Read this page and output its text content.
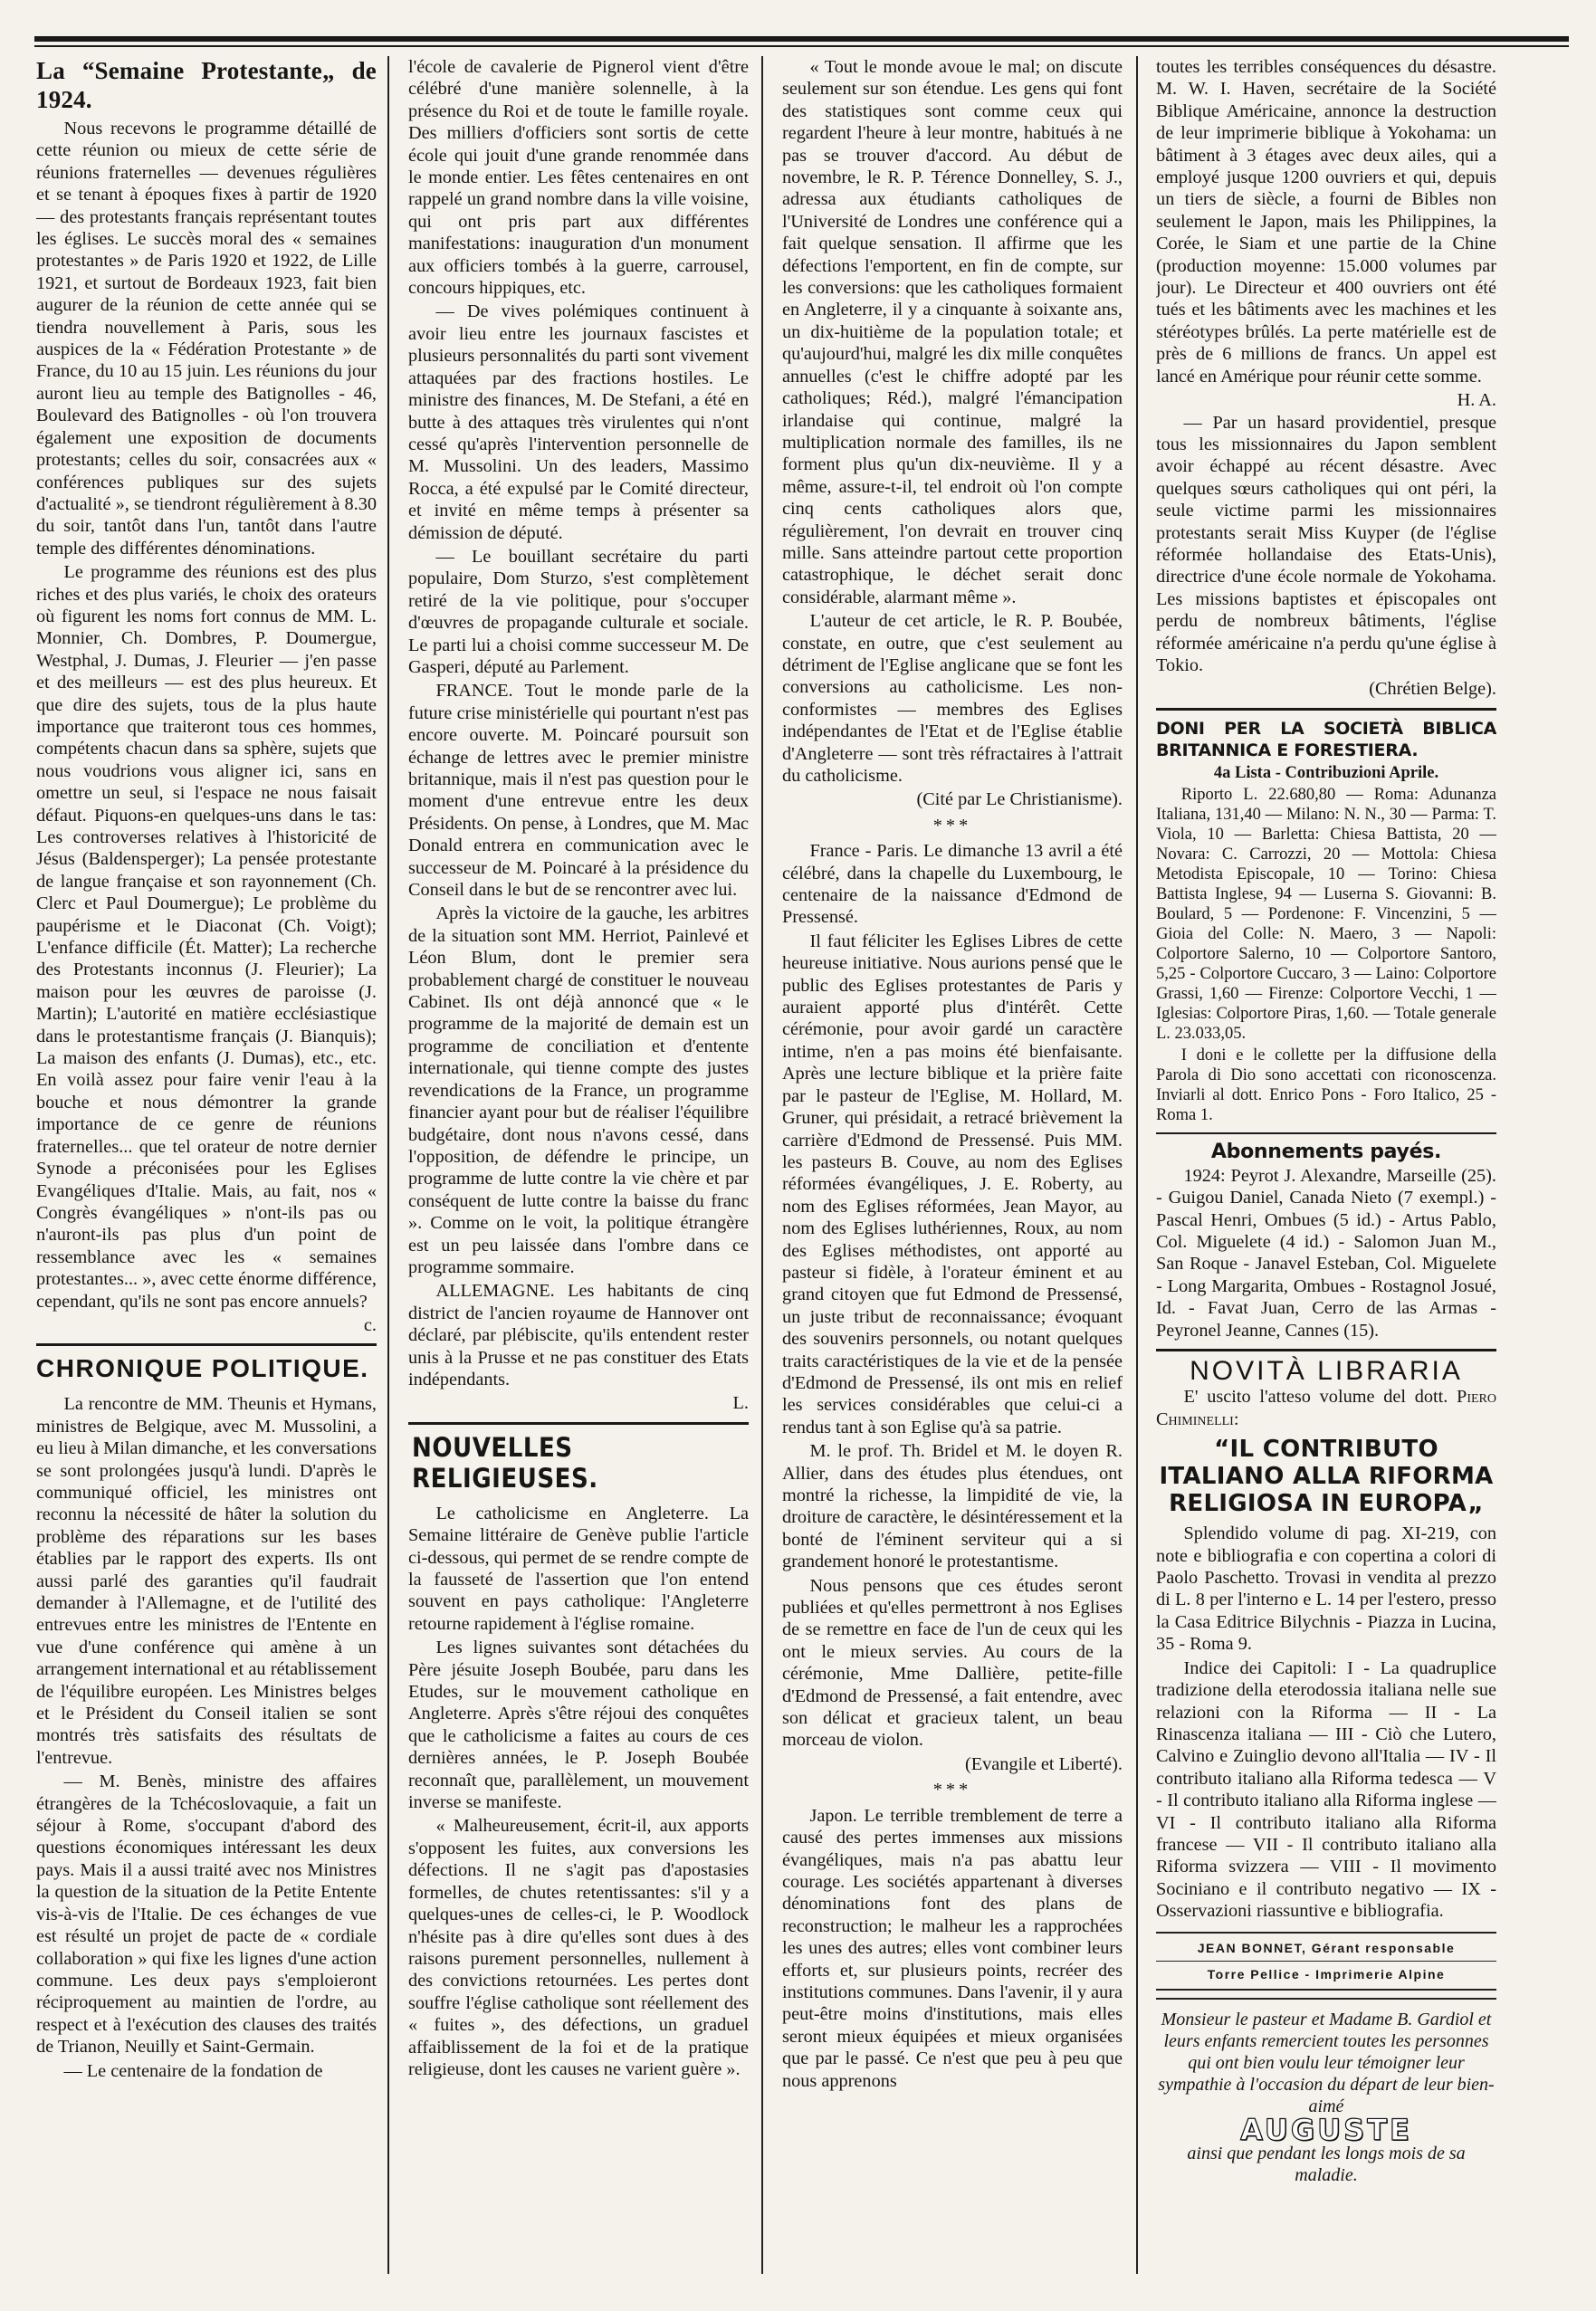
La “Semaine Protestante„ de 1924.

Nous recevons le programme détaillé de cette réunion ou mieux de cette série de réunions fraternelles — devenues régulières et se tenant à époques fixes à partir de 1920 — des protestants français représentant toutes les églises. Le succès moral des « semaines protestantes » de Paris 1920 et 1922, de Lille 1921, et surtout de Bordeaux 1923, fait bien augurer de la réunion de cette année qui se tiendra nouvellement à Paris, sous les auspices de la « Fédération Protestante » de France, du 10 au 15 juin. Les réunions du jour auront lieu au temple des Batignolles - 46, Boulevard des Batignolles - où l'on trouvera également une exposition de documents protestants; celles du soir, consacrées aux « conférences publiques sur des sujets d'actualité », se tiendront régulièrement à 8.30 du soir, tantôt dans l'un, tantôt dans l'autre temple des différentes dénominations.

Le programme des réunions est des plus riches et des plus variés, le choix des orateurs où figurent les noms fort connus de MM. L. Monnier, Ch. Dombres, P. Doumergue, Westphal, J. Dumas, J. Fleurier — j'en passe et des meilleurs — est des plus heureux. Et que dire des sujets, tous de la plus haute importance que traiteront tous ces hommes, compétents chacun dans sa sphère, sujets que nous voudrions vous aligner ici, sans en omettre un seul, si l'espace ne nous faisait défaut. Piquons-en quelques-uns dans le tas: Les controverses relatives à l'historicité de Jésus (Baldensperger); La pensée protestante de langue française et son rayonnement (Ch. Clerc et Paul Doumergue); Le problème du paupérisme et le Diaconat (Ch. Voigt); L'enfance difficile (Ét. Matter); La recherche des Protestants inconnus (J. Fleurier); La maison pour les œuvres de paroisse (J. Martin); L'autorité en matière ecclésiastique dans le protestantisme français (J. Bianquis); La maison des enfants (J. Dumas), etc., etc. En voilà assez pour faire venir l'eau à la bouche et nous démontrer la grande importance de ce genre de réunions fraternelles... que tel orateur de notre dernier Synode a préconisées pour les Eglises Evangéliques d'Italie. Mais, au fait, nos « Congrès évangéliques » n'ont-ils pas ou n'auront-ils pas plus d'un point de ressemblance avec les « semaines protestantes... », avec cette énorme différence, cependant, qu'ils ne sont pas encore annuels?

c.
CHRONIQUE POLITIQUE.

La rencontre de MM. Theunis et Hymans, ministres de Belgique, avec M. Mussolini, a eu lieu à Milan dimanche, et les conversations se sont prolongées jusqu'à lundi. D'après le communiqué officiel, les ministres ont reconnu la nécessité de hâter la solution du problème des réparations sur les bases établies par le rapport des experts. Ils ont aussi parlé des garanties qu'il faudrait demander à l'Allemagne, et de l'utilité des entrevues entre les ministres de l'Entente en vue d'une conférence qui amène à un arrangement international et au rétablissement de l'équilibre européen. Les Ministres belges et le Président du Conseil italien se sont montrés très satisfaits des résultats de l'entrevue.

— M. Benès, ministre des affaires étrangères de la Tchécoslovaquie, a fait un séjour à Rome, s'occupant d'abord des questions économiques intéressant les deux pays. Mais il a aussi traité avec nos Ministres la question de la situation de la Petite Entente vis-à-vis de l'Italie. De ces échanges de vue est résulté un projet de pacte de « cordiale collaboration » qui fixe les lignes d'une action commune. Les deux pays s'emploieront réciproquement au maintien de l'ordre, au respect et à l'exécution des clauses des traités de Trianon, Neuilly et Saint-Germain.

— Le centenaire de la fondation de

l'école de cavalerie de Pignerol vient d'être célébré d'une manière solennelle, à la présence du Roi et de toute le famille royale. Des milliers d'officiers sont sortis de cette école qui jouit d'une grande renommée dans le monde entier. Les fêtes centenaires en ont rappelé un grand nombre dans la ville voisine, qui ont pris part aux différentes manifestations: inauguration d'un monument aux officiers tombés à la guerre, carrousel, concours hippiques, etc.

— De vives polémiques continuent à avoir lieu entre les journaux fascistes et plusieurs personnalités du parti sont vivement attaquées par des fractions hostiles. Le ministre des finances, M. De Stefani, a été en butte à des attaques très virulentes qui n'ont cessé qu'après l'intervention personnelle de M. Mussolini. Un des leaders, Massimo Rocca, a été expulsé par le Comité directeur, et invité en même temps à présenter sa démission de député.

— Le bouillant secrétaire du parti populaire, Dom Sturzo, s'est complètement retiré de la vie politique, pour s'occuper d'œuvres de propagande culturale et sociale. Le parti lui a choisi comme successeur M. De Gasperi, député au Parlement.

FRANCE. Tout le monde parle de la future crise ministérielle qui pourtant n'est pas encore ouverte. M. Poincaré poursuit son échange de lettres avec le premier ministre britannique, mais il n'est pas question pour le moment d'une entrevue entre les deux Présidents. On pense, à Londres, que M. Mac Donald entrera en communication avec le successeur de M. Poincaré à la présidence du Conseil dans le but de se rencontrer avec lui.

Après la victoire de la gauche, les arbitres de la situation sont MM. Herriot, Painlevé et Léon Blum, dont le premier sera probablement chargé de constituer le nouveau Cabinet. Ils ont déjà annoncé que « le programme de la majorité de demain est un programme de conciliation et d'entente internationale, qui tienne compte des justes revendications de la France, un programme financier ayant pour but de réaliser l'équilibre budgétaire, dont nous n'avons cessé, dans l'opposition, de défendre le principe, un programme de lutte contre la vie chère et par conséquent de lutte contre la baisse du franc ». Comme on le voit, la politique étrangère est un peu laissée dans l'ombre dans ce programme sommaire.

ALLEMAGNE. Les habitants de cinq district de l'ancien royaume de Hannover ont déclaré, par plébiscite, qu'ils entendent rester unis à la Prusse et ne pas constituer des Etats indépendants.

L.
NOUVELLES RELIGIEUSES.

Le catholicisme en Angleterre. La Semaine littéraire de Genève publie l'article ci-dessous, qui permet de se rendre compte de la fausseté de l'assertion que l'on entend souvent en pays catholique: l'Angleterre retourne rapidement à l'église romaine.

Les lignes suivantes sont détachées du Père jésuite Joseph Boubée, paru dans les Etudes, sur le mouvement catholique en Angleterre. Après s'être réjoui des conquêtes que le catholicisme a faites au cours de ces dernières années, le P. Joseph Boubée reconnaît que, parallèlement, un mouvement inverse se manifeste.

« Malheureusement, écrit-il, aux apports s'opposent les fuites, aux conversions les défections. Il ne s'agit pas d'apostasies formelles, de chutes retentissantes: s'il y a quelques-unes de celles-ci, le P. Woodlock n'hésite pas à dire qu'elles sont dues à des raisons purement personnelles, nullement à des convictions retournées. Les pertes dont souffre l'église catholique sont réellement des « fuites », des défections, un graduel affaiblissement de la foi et de la pratique religieuse, dont les causes ne varient guère ».

« Tout le monde avoue le mal; on discute seulement sur son étendue. Les gens qui font des statistiques sont comme ceux qui regardent l'heure à leur montre, habitués à ne pas se trouver d'accord. Au début de novembre, le R. P. Térence Donnelley, S. J., adressa aux étudiants catholiques de l'Université de Londres une conférence qui a fait quelque sensation. Il affirme que les défections l'emportent, en fin de compte, sur les conversions: que les catholiques formaient en Angleterre, il y a cinquante à soixante ans, un dix-huitième de la population totale; et qu'aujourd'hui, malgré les dix mille conquêtes annuelles (c'est le chiffre adopté par les catholiques; Réd.), malgré l'émancipation irlandaise qui continue, malgré la multiplication normale des familles, ils ne forment plus qu'un dix-neuvième. Il y a même, assure-t-il, tel endroit où l'on compte cinq cents catholiques alors que, régulièrement, l'on devrait en trouver cinq mille. Sans atteindre partout cette proportion catastrophique, le déchet serait donc considérable, alarmant même ».

L'auteur de cet article, le R. P. Boubée, constate, en outre, que c'est seulement au détriment de l'Eglise anglicane que se font les conversions au catholicisme. Les non-conformistes — membres des Eglises indépendantes de l'Etat et de l'Eglise établie d'Angleterre — sont très réfractaires à l'attrait du catholicisme.

(Cité par Le Christianisme).
***

France - Paris. Le dimanche 13 avril a été célébré, dans la chapelle du Luxembourg, le centenaire de la naissance d'Edmond de Pressensé.

Il faut féliciter les Eglises Libres de cette heureuse initiative. Nous aurions pensé que le public des Eglises protestantes de Paris y auraient apporté plus d'intérêt. Cette cérémonie, pour avoir gardé un caractère intime, n'en a pas moins été bienfaisante. Après une lecture biblique et la prière faite par le pasteur de l'Eglise, M. Hollard, M. Gruner, qui présidait, a retracé brièvement la carrière d'Edmond de Pressensé. Puis MM. les pasteurs B. Couve, au nom des Eglises réformées évangéliques, J. E. Roberty, au nom des Eglises réformées, Jean Mayor, au nom des Eglises luthériennes, Roux, au nom des Eglises méthodistes, ont apporté au pasteur si fidèle, à l'orateur éminent et au grand citoyen que fut Edmond de Pressensé, un juste tribut de reconnaissance; évoquant des souvenirs personnels, ou notant quelques traits caractéristiques de la vie et de la pensée d'Edmond de Pressensé, ils ont mis en relief les services considérables que celui-ci a rendus tant à son Eglise qu'à sa patrie.

M. le prof. Th. Bridel et M. le doyen R. Allier, dans des études plus étendues, ont montré la richesse, la limpidité de vie, la droiture de caractère, le désintéressement et la bonté de l'éminent serviteur qui a si grandement honoré le protestantisme.

Nous pensons que ces études seront publiées et qu'elles permettront à nos Eglises de se remettre en face de l'un de ceux qui les ont le mieux servies. Au cours de la cérémonie, Mme Dallière, petite-fille d'Edmond de Pressensé, a fait entendre, avec son délicat et gracieux talent, un beau morceau de violon.

(Evangile et Liberté).
***

Japon. Le terrible tremblement de terre a causé des pertes immenses aux missions évangéliques, mais n'a pas abattu leur courage. Les sociétés appartenant à diverses dénominations font des plans de reconstruction; le malheur les a rapprochées les unes des autres; elles vont combiner leurs efforts et, sur plusieurs points, recréer des institutions communes. Dans l'avenir, il y aura peut-être moins d'institutions, mais elles seront mieux équipées et mieux organisées que par le passé. Ce n'est que peu à peu que nous apprenons

toutes les terribles conséquences du désastre. M. W. I. Haven, secrétaire de la Société Biblique Américaine, annonce la destruction de leur imprimerie biblique à Yokohama: un bâtiment à 3 étages avec deux ailes, qui a employé jusque 1200 ouvriers et qui, depuis un tiers de siècle, a fourni de Bibles non seulement le Japon, mais les Philippines, la Corée, le Siam et une partie de la Chine (production moyenne: 15.000 volumes par jour). Le Directeur et 400 ouvriers ont été tués et les bâtiments avec les machines et les stéréotypes brûlés. La perte matérielle est de près de 6 millions de francs. Un appel est lancé en Amérique pour réunir cette somme.

H. A.

— Par un hasard providentiel, presque tous les missionnaires du Japon semblent avoir échappé au récent désastre. Avec quelques sœurs catholiques qui ont péri, la seule victime parmi les missionnaires protestants serait Miss Kuyper (de l'église réformée hollandaise des Etats-Unis), directrice d'une école normale de Yokohama. Les missions baptistes et épiscopales ont perdu de nombreux bâtiments, l'église réformée américaine n'a perdu qu'une église à Tokio.

(Chrétien Belge).
DONI PER LA SOCIETÀ BIBLICA BRITANNICA E FORESTIERA.
4a Lista - Contribuzioni Aprile.

Riporto L. 22.680,80 — Roma: Adunanza Italiana, 131,40 — Milano: N. N., 30 — Parma: T. Viola, 10 — Barletta: Chiesa Battista, 20 — Novara: C. Carrozzi, 20 — Mottola: Chiesa Metodista Episcopale, 10 — Torino: Chiesa Battista Inglese, 94 — Luserna S. Giovanni: B. Boulard, 5 — Pordenone: F. Vincenzini, 5 — Gioia del Colle: N. Maero, 3 — Napoli: Colportore Salerno, 10 — Colportore Santoro, 5,25 - Colportore Cuccaro, 3 — Laino: Colportore Grassi, 1,60 — Firenze: Colportore Vecchi, 1 — Iglesias: Colportore Piras, 1,60. — Totale generale L. 23.033,05.

I doni e le collette per la diffusione della Parola di Dio sono accettati con riconoscenza. Inviarli al dott. Enrico Pons - Foro Italico, 25 - Roma 1.

Abonnements payés.

1924: Peyrot J. Alexandre, Marseille (25). - Guigou Daniel, Canada Nieto (7 exempl.) - Pascal Henri, Ombues (5 id.) - Artus Pablo, Col. Miguelete (4 id.) - Salomon Juan M., San Roque - Janavel Esteban, Col. Miguelete - Long Margarita, Ombues - Rostagnol Josué, Id. - Favat Juan, Cerro de las Armas - Peyronel Jeanne, Cannes (15).

NOVITÀ LIBRARIA

E' uscito l'atteso volume del dott. Piero Chiminelli:

“IL CONTRIBUTO ITALIANO ALLA RIFORMA RELIGIOSA IN EUROPA„

Splendido volume di pag. XI-219, con note e bibliografia e con copertina a colori di Paolo Paschetto. Trovasi in vendita al prezzo di L. 8 per l'interno e L. 14 per l'estero, presso la Casa Editrice Bilychnis - Piazza in Lucina, 35 - Roma 9.

Indice dei Capitoli: I - La quadruplice tradizione della eterodossia italiana nelle sue relazioni con la Riforma — II - La Rinascenza italiana — III - Ciò che Lutero, Calvino e Zuinglio devono all'Italia — IV - Il contributo italiano alla Riforma tedesca — V - Il contributo italiano alla Riforma inglese — VI - Il contributo italiano alla Riforma francese — VII - Il contributo italiano alla Riforma svizzera — VIII - Il movimento Sociniano e il contributo negativo — IX - Osservazioni riassuntive e bibliografia.

JEAN BONNET, Gérant responsable
Torre Pellice - Imprimerie Alpine
Monsieur le pasteur et Madame B. Gardiol et leurs enfants remercient toutes les personnes qui ont bien voulu leur témoigner leur sympathie à l'occasion du départ de leur bien-aimé
AUGUSTE
ainsi que pendant les longs mois de sa maladie.
